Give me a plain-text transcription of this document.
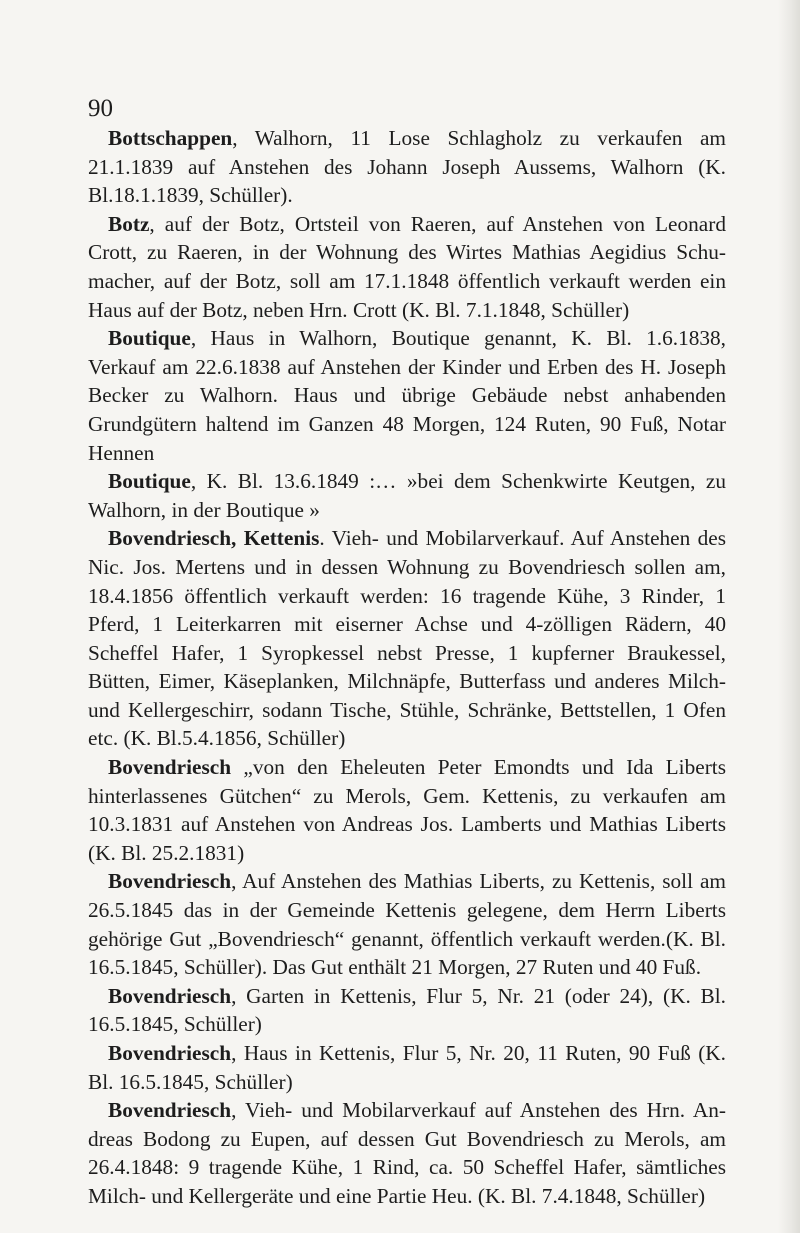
90

Bottschappen, Walhorn, 11 Lose Schlagholz zu verkaufen am 21.1.1839 auf Anstehen des Johann Joseph Aussems, Walhorn (K. Bl.18.1.1839, Schüller).

Botz, auf der Botz, Ortsteil von Raeren, auf Anstehen von Leonard Crott, zu Raeren, in der Wohnung des Wirtes Mathias Aegidius Schumacher, auf der Botz, soll am 17.1.1848 öffentlich verkauft werden ein Haus auf der Botz, neben Hrn. Crott (K. Bl. 7.1.1848, Schüller)

Boutique, Haus in Walhorn, Boutique genannt, K. Bl. 1.6.1838, Verkauf am 22.6.1838 auf Anstehen der Kinder und Erben des H. Joseph Becker zu Walhorn. Haus und übrige Gebäude nebst anhabenden Grundgütern haltend im Ganzen 48 Morgen, 124 Ruten, 90 Fuß, Notar Hennen

Boutique, K. Bl. 13.6.1849 :… »bei dem Schenkwirte Keutgen, zu Walhorn, in der Boutique »

Bovendriesch, Kettenis. Vieh- und Mobilarverkauf. Auf Anstehen des Nic. Jos. Mertens und in dessen Wohnung zu Bovendriesch sollen am, 18.4.1856 öffentlich verkauft werden: 16 tragende Kühe, 3 Rinder, 1 Pferd, 1 Leiterkarren mit eiserner Achse und 4-zölligen Rädern, 40 Scheffel Hafer, 1 Syropkessel nebst Presse, 1 kupferner Braukessel, Bütten, Eimer, Käseplanken, Milchnäpfe, Butterfass und anderes Milch- und Kellergeschirr, sodann Tische, Stühle, Schränke, Bettstellen, 1 Ofen etc. (K. Bl.5.4.1856, Schüller)

Bovendriesch „von den Eheleuten Peter Emondts und Ida Liberts hinterlassenes Gütchen“ zu Merols, Gem. Kettenis, zu verkaufen am 10.3.1831 auf Anstehen von Andreas Jos. Lamberts und Mathias Liberts (K. Bl. 25.2.1831)

Bovendriesch, Auf Anstehen des Mathias Liberts, zu Kettenis, soll am 26.5.1845 das in der Gemeinde Kettenis gelegene, dem Herrn Liberts gehörige Gut „Bovendriesch“ genannt, öffentlich verkauft werden.(K. Bl. 16.5.1845, Schüller). Das Gut enthält 21 Morgen, 27 Ruten und 40 Fuß.

Bovendriesch, Garten in Kettenis, Flur 5, Nr. 21 (oder 24), (K. Bl. 16.5.1845, Schüller)

Bovendriesch, Haus in Kettenis, Flur 5, Nr. 20, 11 Ruten, 90 Fuß (K. Bl. 16.5.1845, Schüller)

Bovendriesch, Vieh- und Mobilarverkauf auf Anstehen des Hrn. Andreas Bodong zu Eupen, auf dessen Gut Bovendriesch zu Merols, am 26.4.1848: 9 tragende Kühe, 1 Rind, ca. 50 Scheffel Hafer, sämtliches Milch- und Kellergeräte und eine Partie Heu. (K. Bl. 7.4.1848, Schüller)
